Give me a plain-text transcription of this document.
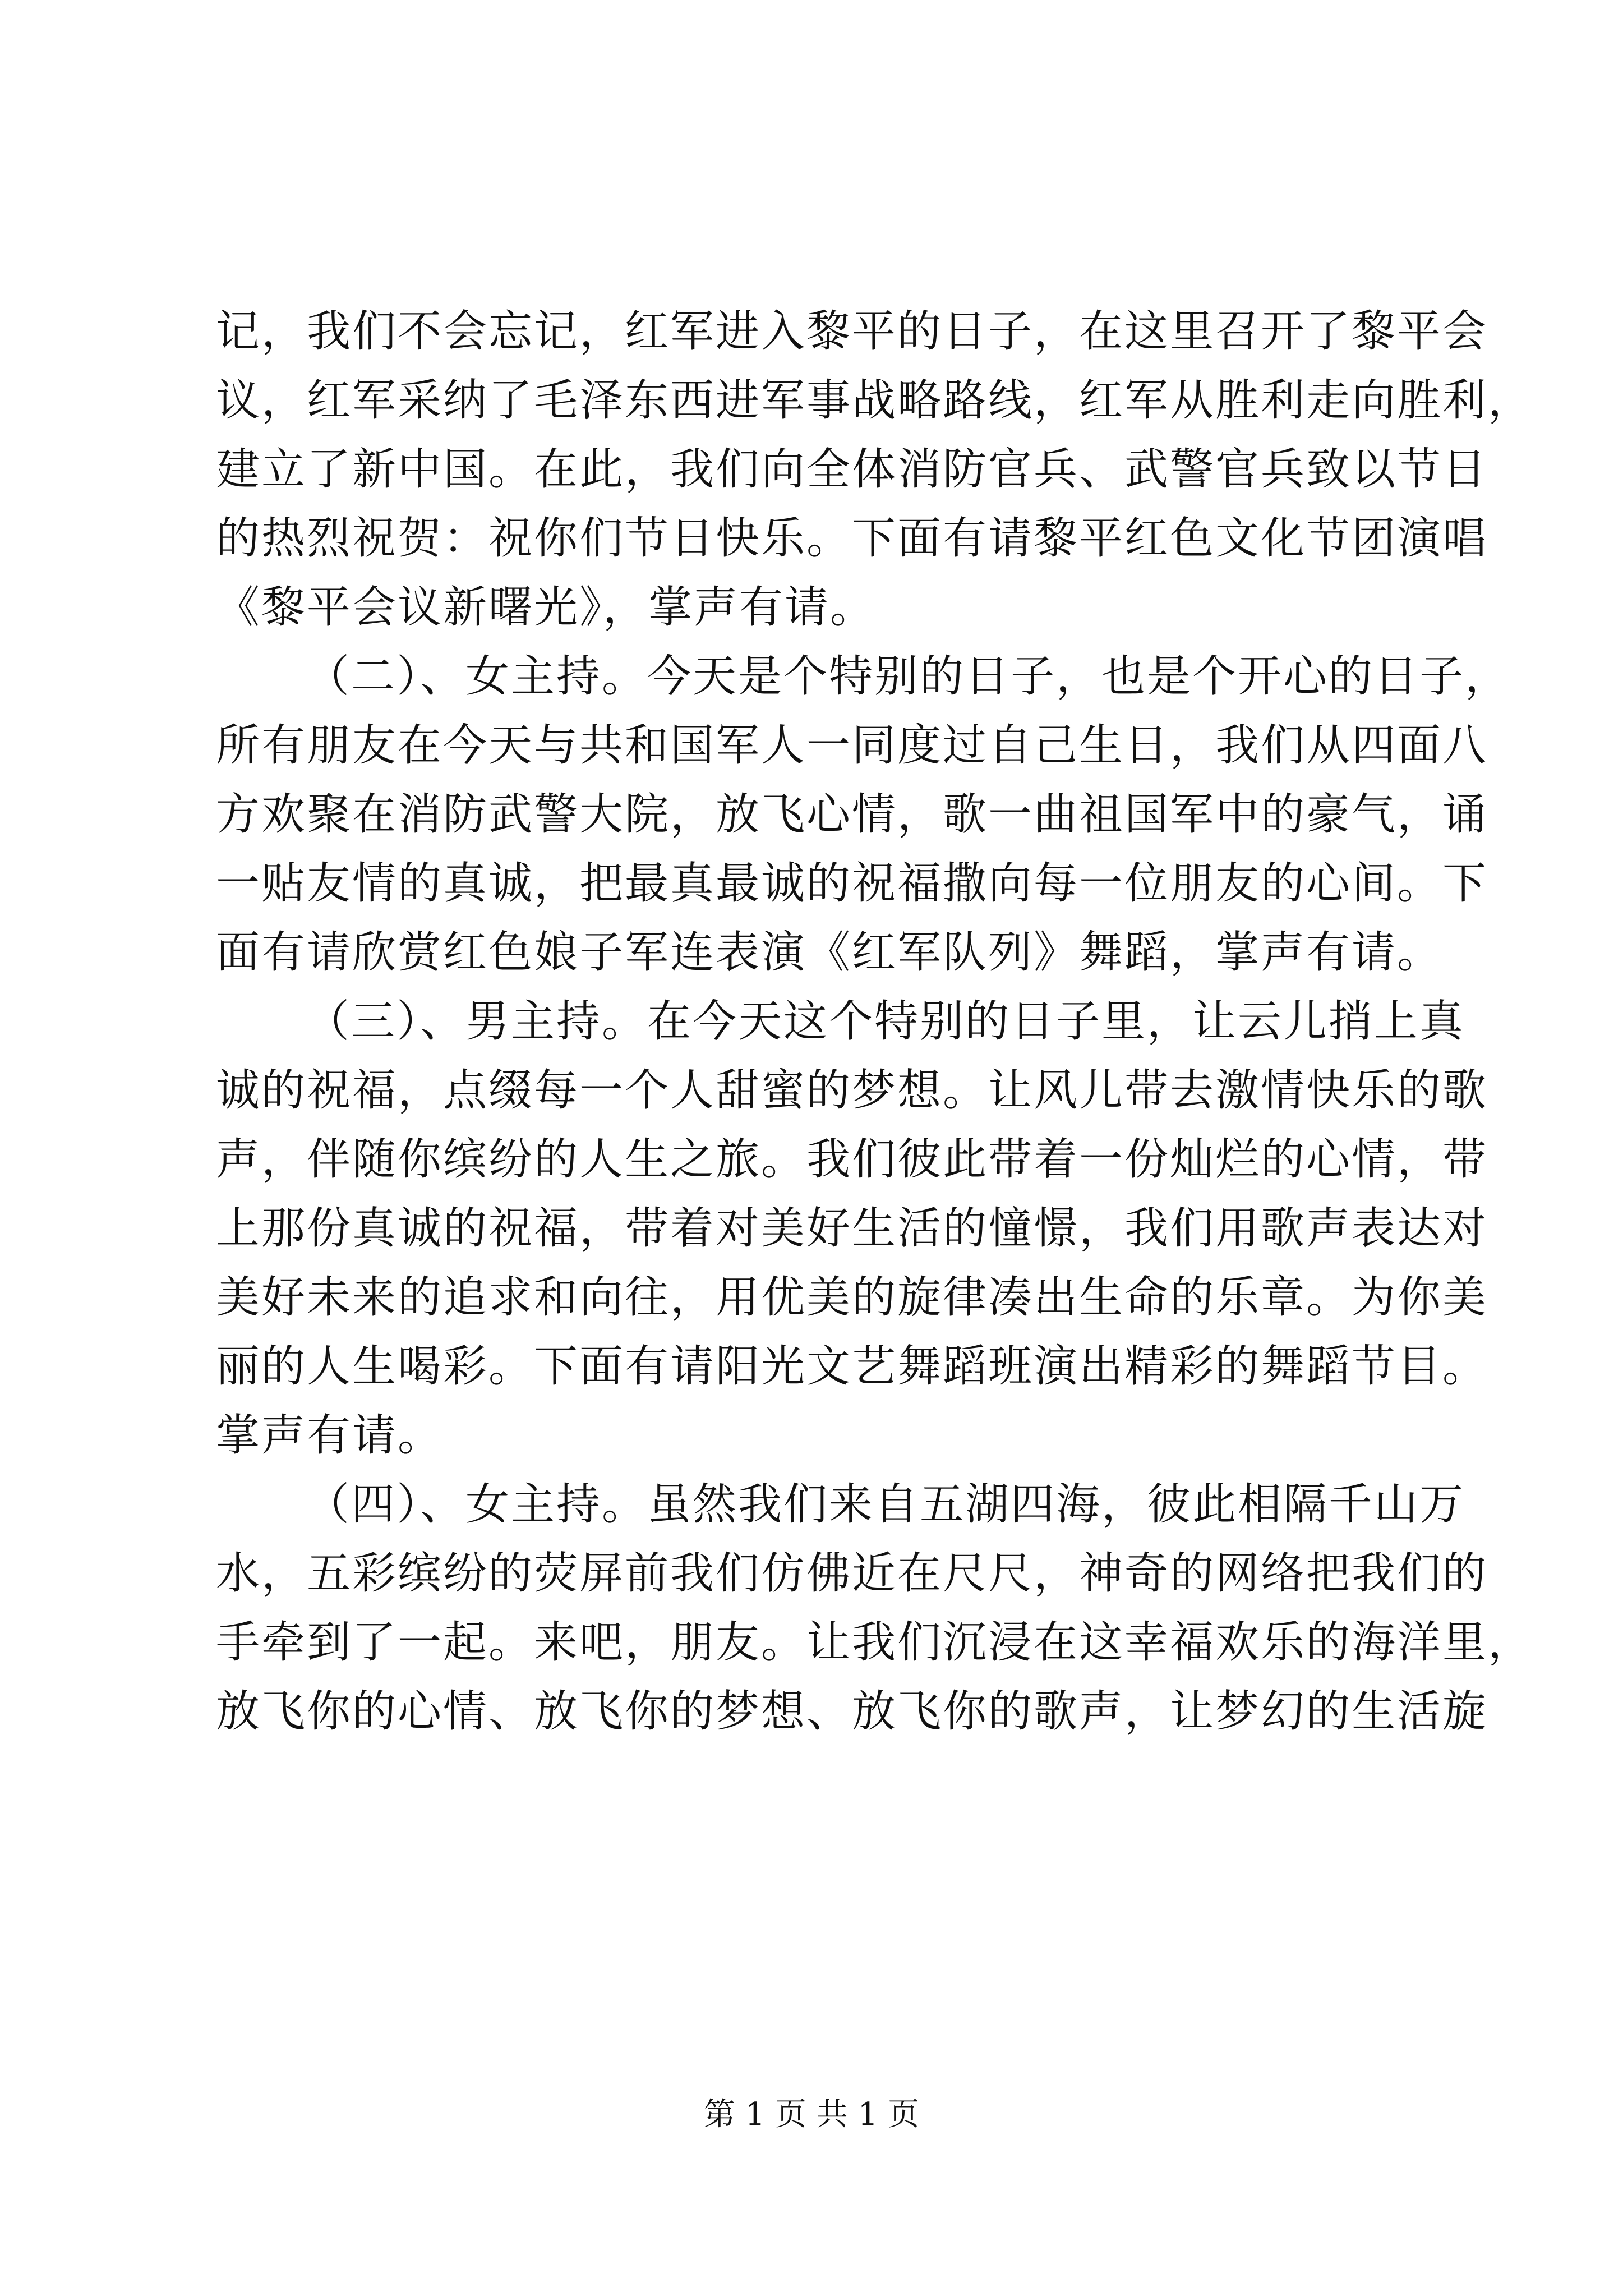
记，我们不会忘记，红军进入黎平的日子，在这里召开了黎平会
议，红军采纳了毛泽东西进军事战略路线，红军从胜利走向胜利，
建立了新中国。在此，我们向全体消防官兵、武警官兵致以节日
的热烈祝贺：祝你们节日快乐。下面有请黎平红色文化节团演唱
《黎平会议新曙光》，掌声有请。
（二）、女主持。今天是个特别的日子，也是个开心的日子，
所有朋友在今天与共和国军人一同度过自己生日，我们从四面八
方欢聚在消防武警大院，放飞心情，歌一曲祖国军中的豪气，诵
一贴友情的真诚，把最真最诚的祝福撒向每一位朋友的心间。下
面有请欣赏红色娘子军连表演《红军队列》舞蹈，掌声有请。
（三）、男主持。在今天这个特别的日子里，让云儿捎上真
诚的祝福，点缀每一个人甜蜜的梦想。让风儿带去激情快乐的歌
声，伴随你缤纷的人生之旅。我们彼此带着一份灿烂的心情，带
上那份真诚的祝福，带着对美好生活的憧憬，我们用歌声表达对
美好未来的追求和向往，用优美的旋律凑出生命的乐章。为你美
丽的人生喝彩。下面有请阳光文艺舞蹈班演出精彩的舞蹈节目。
掌声有请。
（四）、女主持。虽然我们来自五湖四海，彼此相隔千山万
水，五彩缤纷的荧屏前我们仿佛近在尺尺，神奇的网络把我们的
手牵到了一起。来吧，朋友。让我们沉浸在这幸福欢乐的海洋里，
放飞你的心情、放飞你的梦想、放飞你的歌声，让梦幻的生活旋
第 1 页 共 1 页
